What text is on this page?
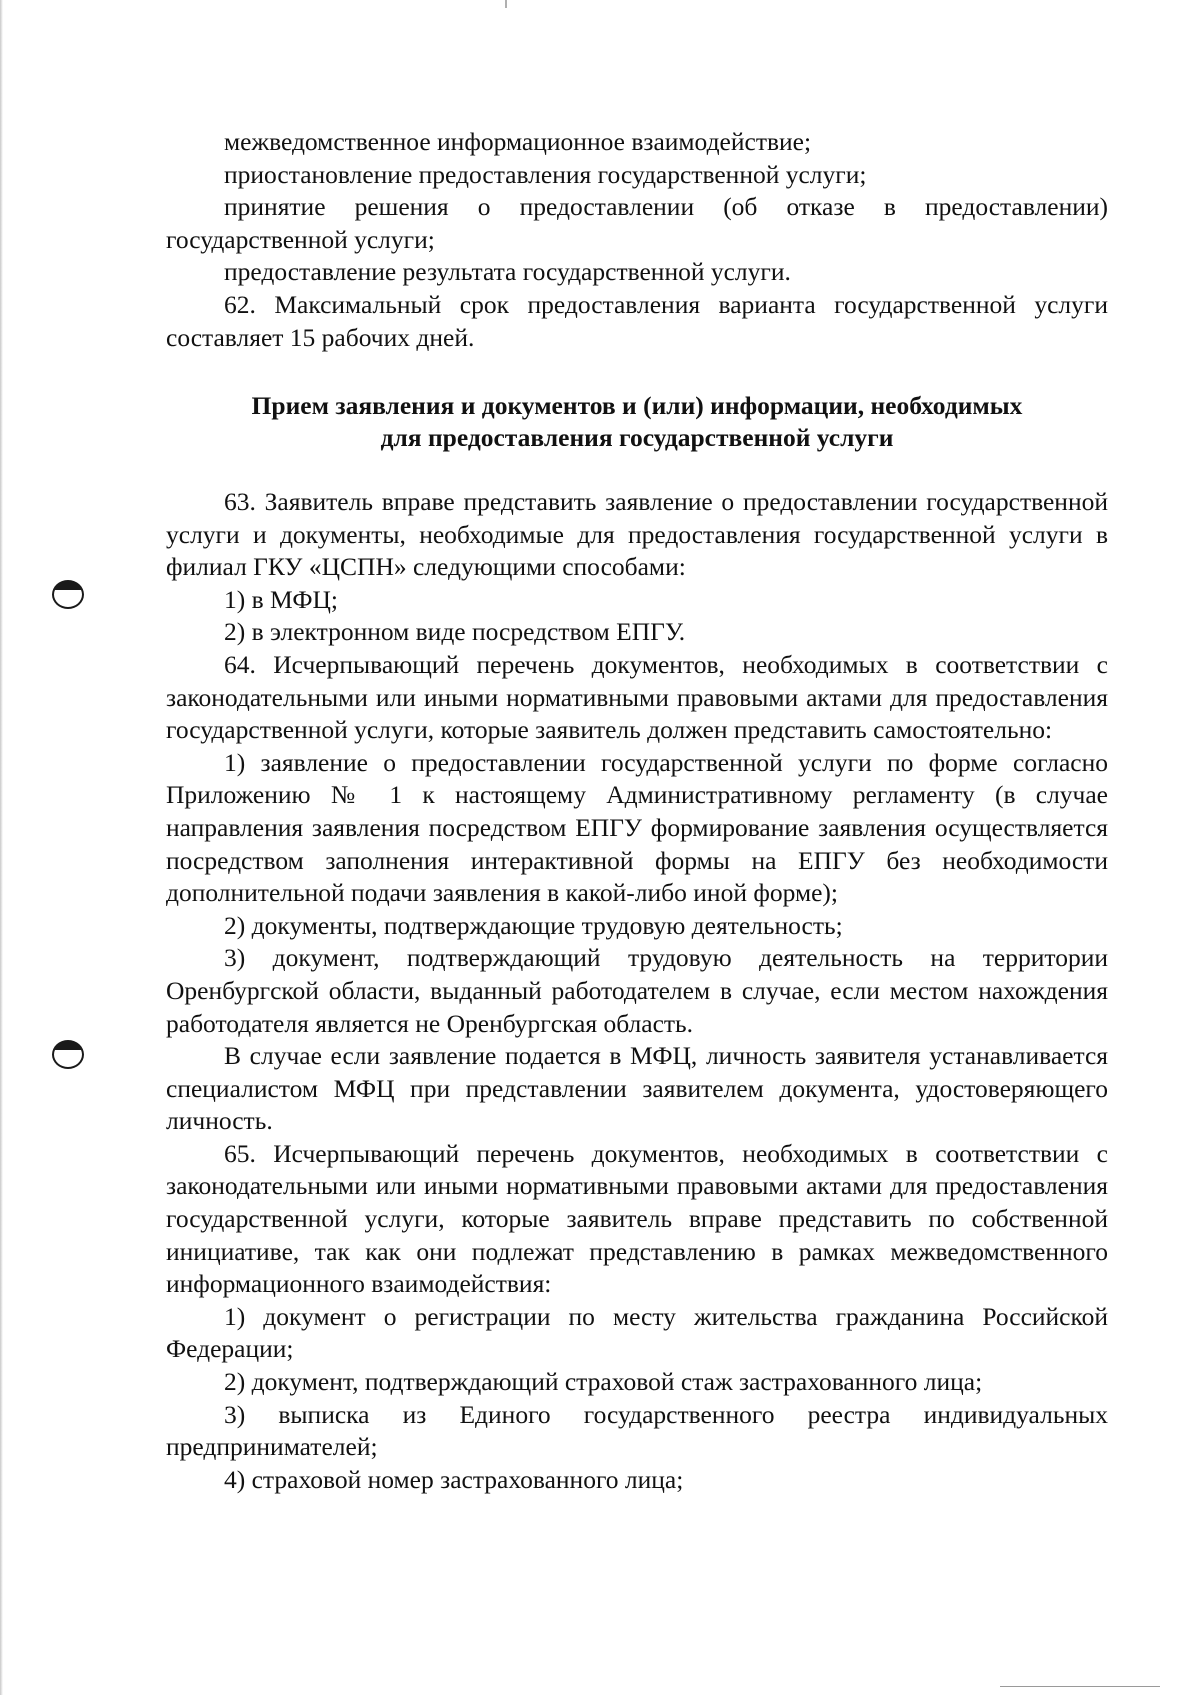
межведомственное информационное взаимодействие;

приостановление предоставления государственной услуги;

принятие решения о предоставлении (об отказе в предоставлении) государственной услуги;

предоставление результата государственной услуги.

62. Максимальный срок предоставления варианта государственной услуги составляет 15 рабочих дней.

Прием заявления и документов и (или) информации, необходимых
для предоставления государственной услуги

63. Заявитель вправе представить заявление о предоставлении государственной услуги и документы, необходимые для предоставления государственной услуги в филиал ГКУ «ЦСПН» следующими способами:

1) в МФЦ;

2) в электронном виде посредством ЕПГУ.

64. Исчерпывающий перечень документов, необходимых в соответствии с законодательными или иными нормативными правовыми актами для предоставления государственной услуги, которые заявитель должен представить самостоятельно:

1) заявление о предоставлении государственной услуги по форме согласно Приложению № 1 к настоящему Административному регламенту (в случае направления заявления посредством ЕПГУ формирование заявления осуществляется посредством заполнения интерактивной формы на ЕПГУ без необходимости дополнительной подачи заявления в какой-либо иной форме);

2) документы, подтверждающие трудовую деятельность;

3) документ, подтверждающий трудовую деятельность на территории Оренбургской области, выданный работодателем в случае, если местом нахождения работодателя является не Оренбургская область.

В случае если заявление подается в МФЦ, личность заявителя устанавливается специалистом МФЦ при представлении заявителем документа, удостоверяющего личность.

65. Исчерпывающий перечень документов, необходимых в соответствии с законодательными или иными нормативными правовыми актами для предоставления государственной услуги, которые заявитель вправе представить по собственной инициативе, так как они подлежат представлению в рамках межведомственного информационного взаимодействия:

1) документ о регистрации по месту жительства гражданина Российской Федерации;

2) документ, подтверждающий страховой стаж застрахованного лица;

3) выписка из Единого государственного реестра индивидуальных предпринимателей;

4) страховой номер застрахованного лица;
